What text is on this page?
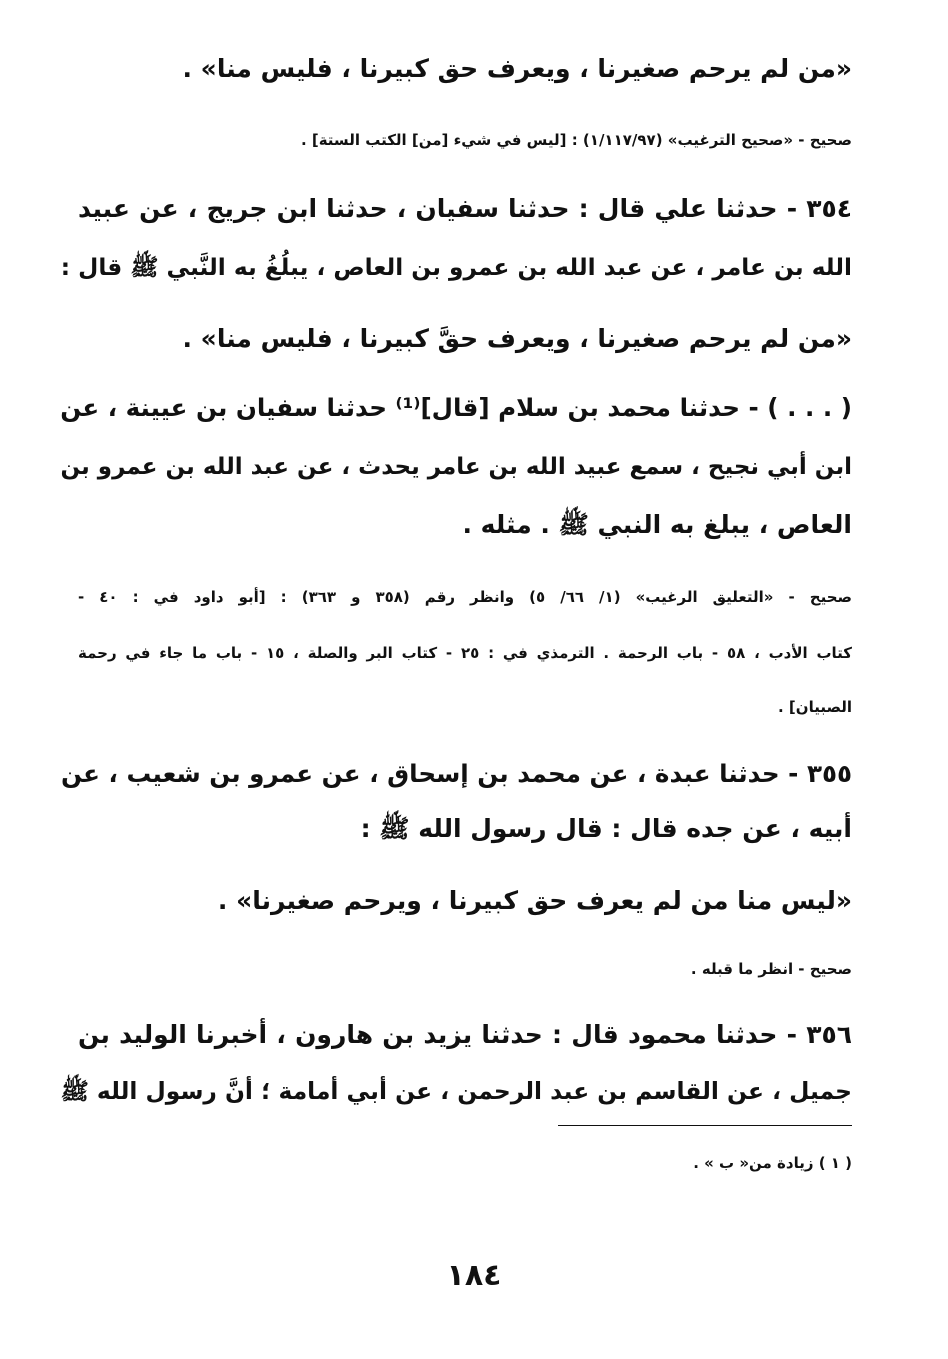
«من لم يرحم صغيرنا ، ويعرف حق كبيرنا ، فليس منا» .
صحيح - «صحيح الترغيب» (١/١١٧/٩٧) : [ليس في شيء [من] الكتب الستة] .
٣٥٤ - حدثنا علي قال : حدثنا سفيان ، حدثنا ابن جريج ، عن عبيد
الله بن عامر ، عن عبد الله بن عمرو بن العاص ، يبلُغُ به النَّبي ﷺ قال :
«من لم يرحم صغيرنا ، ويعرف حقَّ كبيرنا ، فليس منا» .
( . . . ) - حدثنا محمد بن سلام [قال]⁽¹⁾ حدثنا سفيان بن عيينة ، عن
ابن أبي نجيح ، سمع عبيد الله بن عامر يحدث ، عن عبد الله بن عمرو بن
العاص ، يبلغ به النبي ﷺ . مثله .
صحيح - «التعليق الرغيب» (١/ ٦٦/ ٥) وانظر رقم (٣٥٨ و ٣٦٣) : [أبو داود في : ٤٠ -
كتاب الأدب ، ٥٨ - باب الرحمة . الترمذي في : ٢٥ - كتاب البر والصلة ، ١٥ - باب ما جاء في رحمة
الصبيان] .
٣٥٥ - حدثنا عبدة ، عن محمد بن إسحاق ، عن عمرو بن شعيب ، عن
أبيه ، عن جده قال : قال رسول الله ﷺ :
«ليس منا من لم يعرف حق كبيرنا ، ويرحم صغيرنا» .
صحيح - انظر ما قبله .
٣٥٦ - حدثنا محمود قال : حدثنا يزيد بن هارون ، أخبرنا الوليد بن
جميل ، عن القاسم بن عبد الرحمن ، عن أبي أمامة ؛ أنَّ رسول الله ﷺ
( ١ ) زيادة من« ب » .
١٨٤
